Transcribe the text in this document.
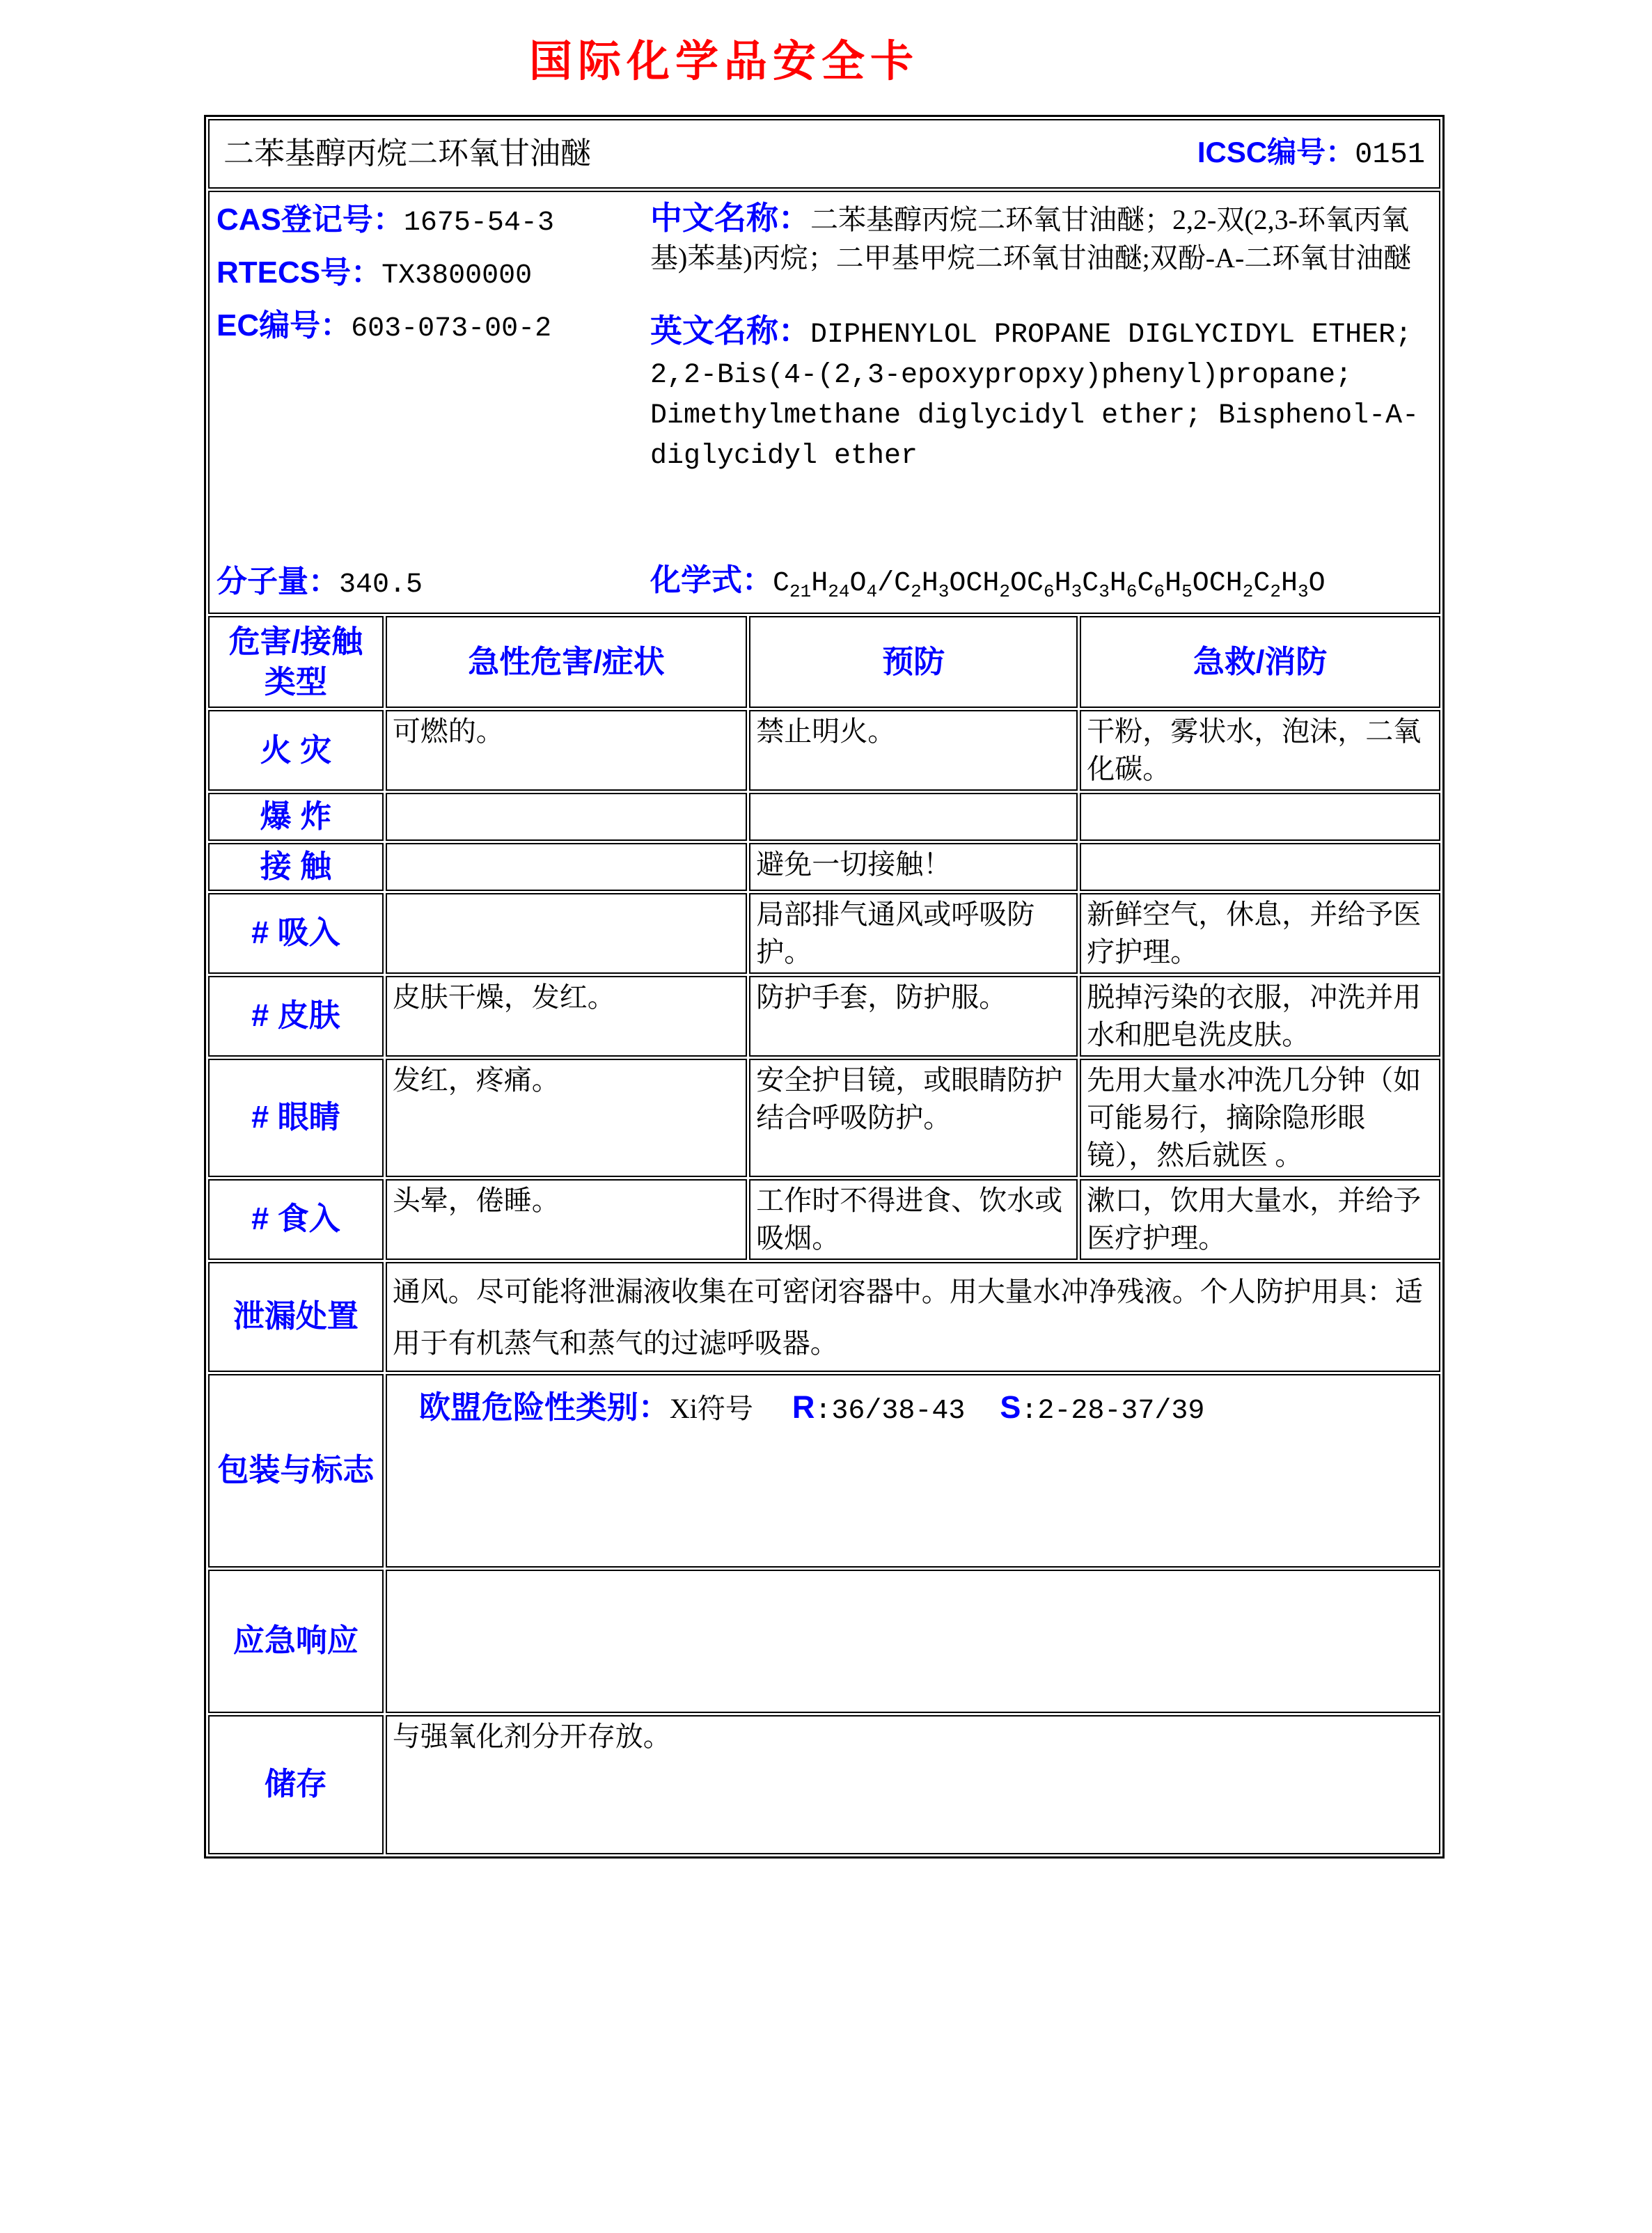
国际化学品安全卡
二苯基醇丙烷二环氧甘油醚 ICSC编号：0151			

CAS登记号：1675-54-3
RTECS号：TX3800000
EC编号：603-073-00-2
分子量：340.5
中文名称：二苯基醇丙烷二环氧甘油醚；2,2-双(2,3-环氧丙氧基)苯基)丙烷；二甲基甲烷二环氧甘油醚;双酚-A-二环氧甘油醚
英文名称：DIPHENYLOL PROPANE DIGLYCIDYL ETHER; 2,2-Bis(4-(2,3-epoxypropxy)phenyl)propane; Dimethylmethane diglycidyl ether; Bisphenol-A-diglycidyl ether
化学式：$C_{21}H_{24}O_4/C_2H_3OCH_2OC_6H_3C_3H_6C_6H_5OCH_2C_2H_3O$

危害/接触
类型	急性危害/症状	预防	急救/消防
火 灾	可燃的。	禁止明火。	干粉，雾状水，泡沫，二氧化碳。
爆 炸			
接 触		避免一切接触！	
# 吸入		局部排气通风或呼吸防护。	新鲜空气，休息，并给予医疗护理。
# 皮肤	皮肤干燥，发红。	防护手套，防护服。	脱掉污染的衣服，冲洗并用水和肥皂洗皮肤。
# 眼睛	发红，疼痛。	安全护目镜，或眼睛防护结合呼吸防护。	先用大量水冲洗几分钟（如可能易行，摘除隐形眼镜），然后就医 。
# 食入	头晕，倦睡。	工作时不得进食、饮水或吸烟。	漱口，饮用大量水，并给予医疗护理。
泄漏处置	通风。尽可能将泄漏液收集在可密闭容器中。用大量水冲净残液。个人防护用具：适用于有机蒸气和蒸气的过滤呼吸器。		
包装与标志	欧盟危险性类别：Xi符号 R:36/38-43 S:2-28-37/39		

应急响应			
储存	与强氧化剂分开存放。		
